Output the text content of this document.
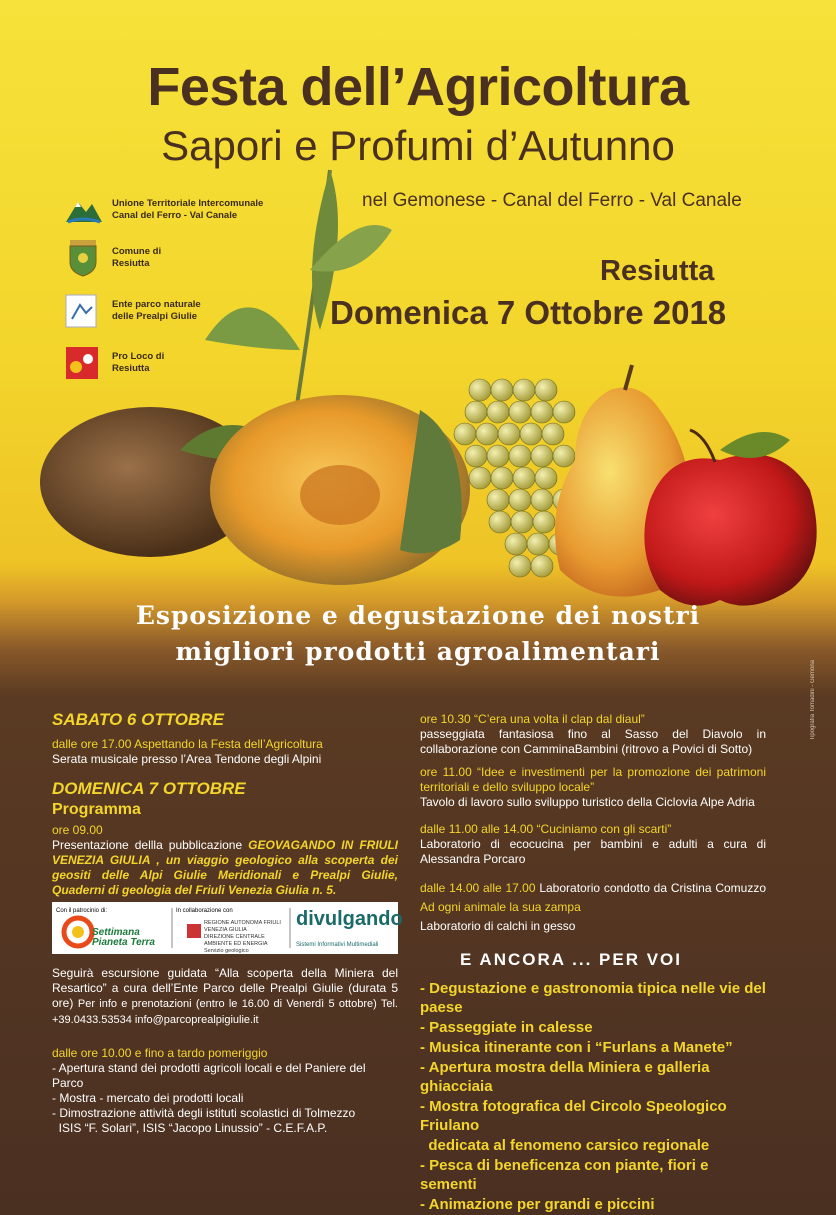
Festa dell’Agricoltura
Sapori e Profumi d’Autunno
nel Gemonese - Canal del Ferro - Val Canale
Resiutta
Domenica 7 Ottobre 2018
Unione Territoriale Intercomunale
Canal del Ferro - Val Canale
Comune di
Resiutta
Ente parco naturale
delle Prealpi Giulie
Pro Loco di
Resiutta
Esposizione e degustazione dei nostri
migliori prodotti agroalimentari
Tipografia Tomadini - Gemona
SABATO 6 OTTOBRE
dalle ore 17.00 Aspettando la Festa dell’Agricoltura
Serata musicale presso l’Area Tendone degli Alpini
DOMENICA 7 OTTOBRE
Programma
ore 09.00
Presentazione dellla pubblicazione GEOVAGANDO IN FRIULI VENEZIA GIULIA , un viaggio geologico alla scoperta dei geositi delle Alpi Giulie Meridionali e Prealpi Giulie, Quaderni di geologia del Friuli Venezia Giulia n. 5.
Con il patrocinio di:
Settimana Pianeta Terra
In collaborazione con
REGIONE AUTONOMA FRIULI VENEZIA GIULIA
DIREZIONE CENTRALE AMBIENTE ED ENERGIA
Servizio geologico
divulgando
Sistemi Informativi Multimediali
Seguirà escursione guidata “Alla scoperta della Miniera del Resartico” a cura dell’Ente Parco delle Prealpi Giulie (durata 5 ore) Per info e prenotazioni (entro le 16.00 di Venerdì 5 ottobre) Tel. +39.0433.53534 info@parcoprealpigiulie.it
dalle ore 10.00 e fino a tardo pomeriggio
- Apertura stand dei prodotti agricoli locali e del Paniere del Parco
- Mostra - mercato dei prodotti locali
- Dimostrazione attività degli istituti scolastici di Tolmezzo
ISIS “F. Solari”, ISIS “Jacopo Linussio” - C.E.F.A.P.
ore 10.30 “C’era una volta il clap dal diaul”
passeggiata fantasiosa fino al Sasso del Diavolo in collaborazione con CamminaBambini (ritrovo a Povici di Sotto)
ore 11.00 “Idee e investimenti per la promozione dei patrimoni territoriali e dello sviluppo locale”
Tavolo di lavoro sullo sviluppo turistico della Ciclovia Alpe Adria
dalle 11.00 alle 14.00 “Cuciniamo con gli scarti”
Laboratorio di ecocucina per bambini e adulti a cura di Alessandra Porcaro
dalle 14.00 alle 17.00 Laboratorio condotto da Cristina Comuzzo Ad ogni animale la sua zampa
Laboratorio di calchi in gesso
E ANCORA ... PER VOI
- Degustazione e gastronomia tipica nelle vie del paese
- Passeggiate in calesse
- Musica itinerante con i “Furlans a Manete”
- Apertura mostra della Miniera e galleria ghiacciaia
- Mostra fotografica del Circolo Speologico Friulano
dedicata al fenomeno carsico regionale
- Pesca di beneficenza con piante, fiori e sementi
- Animazione per grandi e piccini
